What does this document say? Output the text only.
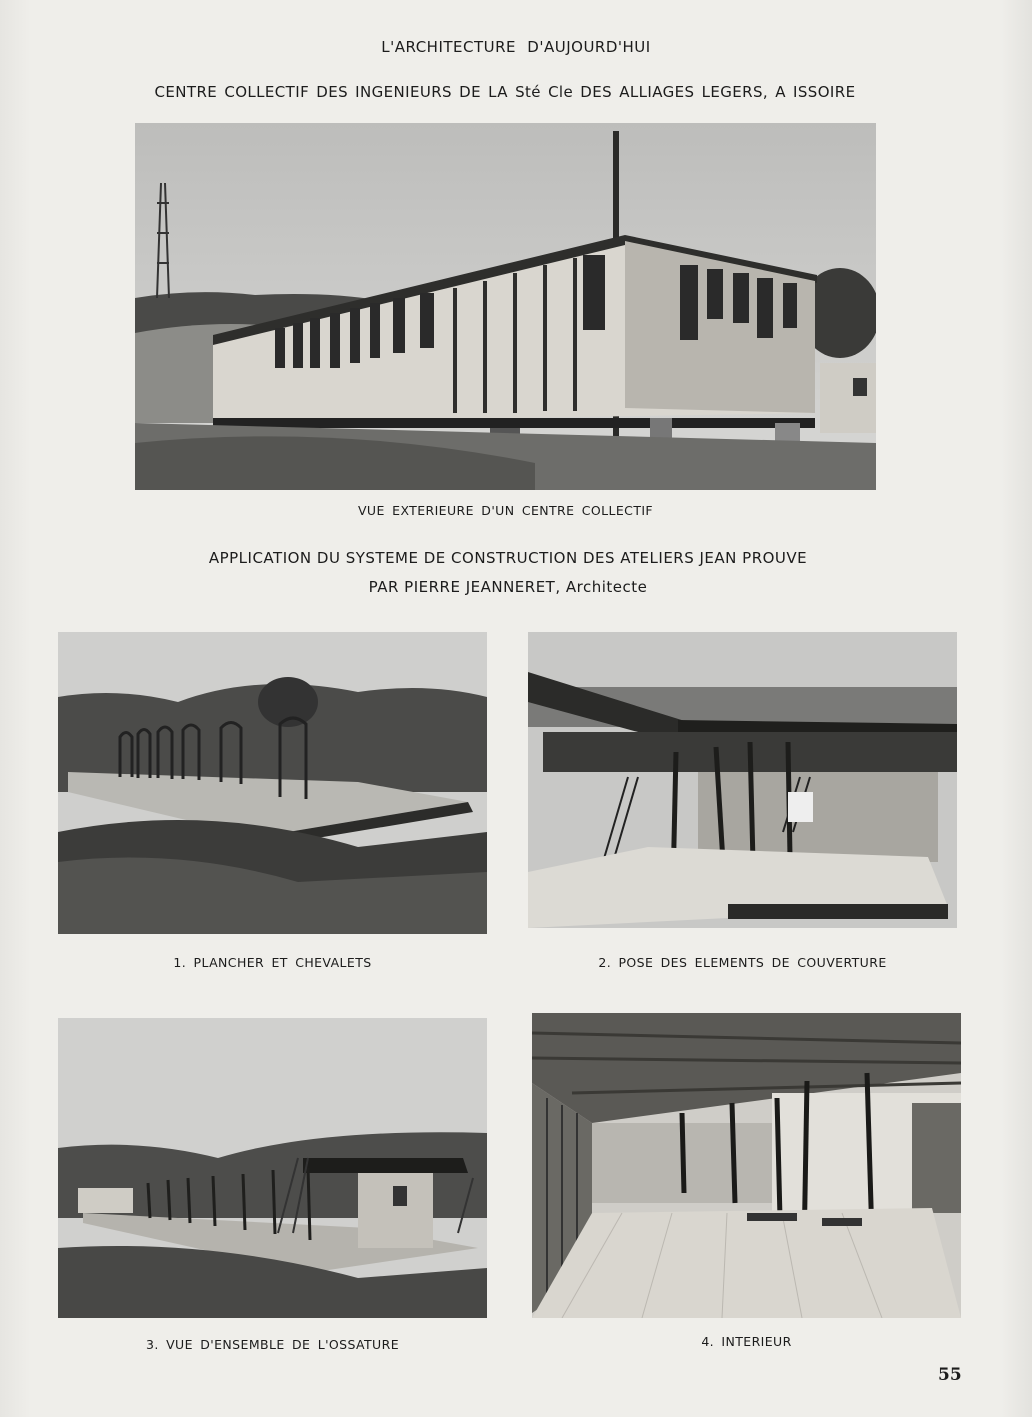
L'ARCHITECTURE D'AUJOURD'HUI
CENTRE COLLECTIF DES INGENIEURS DE LA Sté Cle DES ALLIAGES LEGERS, A ISSOIRE
VUE EXTERIEURE D'UN CENTRE COLLECTIF
APPLICATION DU SYSTEME DE CONSTRUCTION DES ATELIERS JEAN PROUVE
PAR PIERRE JEANNERET, Architecte
1. PLANCHER ET CHEVALETS	2. POSE DES ELEMENTS DE COUVERTURE
3. VUE D'ENSEMBLE DE L'OSSATURE	4. INTERIEUR
55
